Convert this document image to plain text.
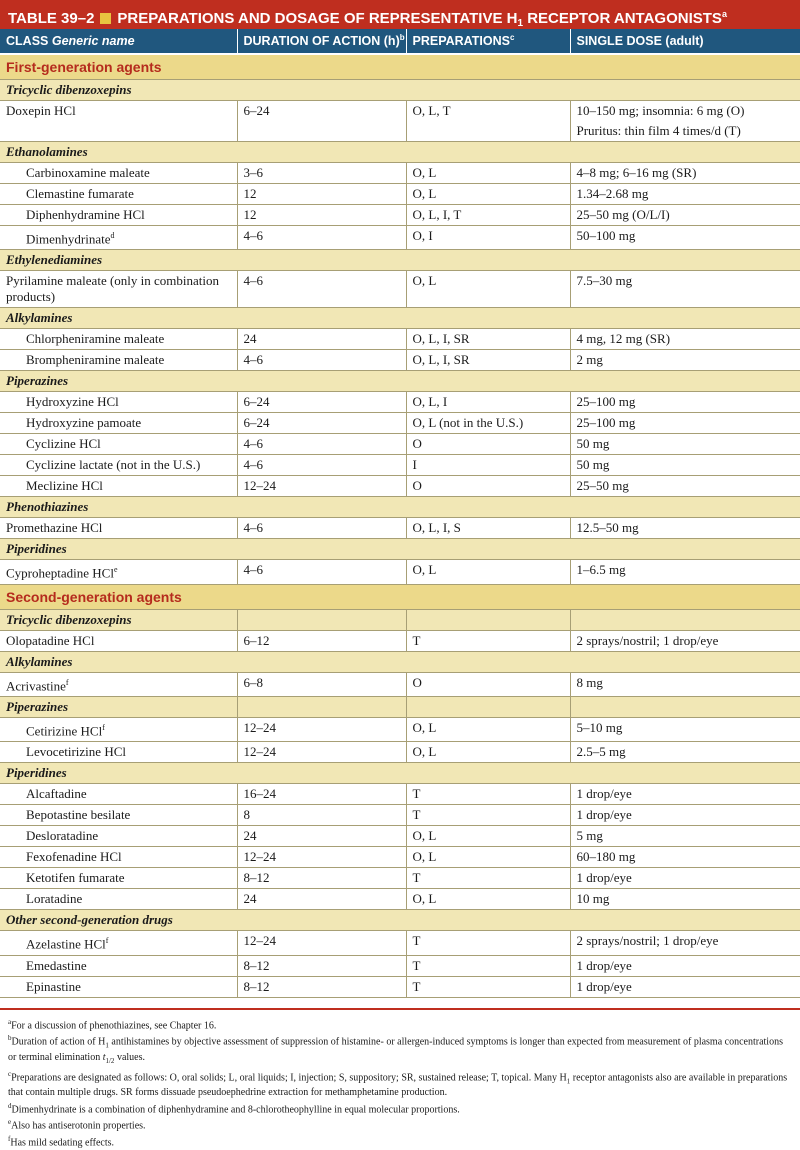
TABLE 39–2 PREPARATIONS AND DOSAGE OF REPRESENTATIVE $H_1$ RECEPTOR ANTAGONISTS$^a$
CLASS Generic name	DURATION OF ACTION $(h)^b$	PREPARATIONS$^c$	SINGLE DOSE (adult)
First-generation agents			
Tricyclic dibenzoxepins			
Doxepin HCl	6–24	O, L, T	10–150 mg; insomnia: 6 mg (O)
Pruritus: thin film 4 times/d (T)

Ethanolamines			
Carbinoxamine maleate	3–6	O, L	4–8 mg; 6–16 mg (SR)
Clemastine fumarate	12	O, L	1.34–2.68 mg
Diphenhydramine HCl	12	O, L, I, T	25–50 mg (O/L/I)
Dimenhydrinate$^d$	4–6	O, I	50–100 mg
Ethylenediamines			
Pyrilamine maleate (only in combination products)	4–6	O, L	7.5–30 mg
Alkylamines			
Chlorpheniramine maleate	24	O, L, I, SR	4 mg, 12 mg (SR)
Brompheniramine maleate	4–6	O, L, I, SR	2 mg
Piperazines			
Hydroxyzine HCl	6–24	O, L, I	25–100 mg
Hydroxyzine pamoate	6–24	O, L (not in the U.S.)	25–100 mg
Cyclizine HCl	4–6	O	50 mg
Cyclizine lactate (not in the U.S.)	4–6	I	50 mg
Meclizine HCl	12–24	O	25–50 mg
Phenothiazines			
Promethazine HCl	4–6	O, L, I, S	12.5–50 mg
Piperidines			
Cyproheptadine HCl$^e$	4–6	O, L	1–6.5 mg
Second-generation agents			
Tricyclic dibenzoxepins			
Olopatadine HCl	6–12	T	2 sprays/nostril; 1 drop/eye
Alkylamines			
Acrivastine$^f$	6–8	O	8 mg
Piperazines			
Cetirizine HCl$^f$	12–24	O, L	5–10 mg
Levocetirizine HCl	12–24	O, L	2.5–5 mg
Piperidines			
Alcaftadine	16–24	T	1 drop/eye
Bepotastine besilate	8	T	1 drop/eye
Desloratadine	24	O, L	5 mg
Fexofenadine HCl	12–24	O, L	60–180 mg
Ketotifen fumarate	8–12	T	1 drop/eye
Loratadine	24	O, L	10 mg
Other second-generation drugs			
Azelastine HCl$^f$	12–24	T	2 sprays/nostril; 1 drop/eye
Emedastine	8–12	T	1 drop/eye
Epinastine	8–12	T	1 drop/eye
$^a$For a discussion of phenothiazines, see Chapter 16.
$^b$Duration of action of $H_1$ antihistamines by objective assessment of suppression of histamine- or allergen-induced symptoms is longer than expected from measurement of plasma concentrations or terminal elimination $t_{1/2}$ values.
$^c$Preparations are designated as follows: O, oral solids; L, oral liquids; I, injection; S, suppository; SR, sustained release; T, topical. Many $H_1$ receptor antagonists also are available in preparations that contain multiple drugs. SR forms dissuade pseudoephedrine extraction for methamphetamine production.
$^d$Dimenhydrinate is a combination of diphenhydramine and 8-chlorotheophylline in equal molecular proportions.
$^e$Also has antiserotonin properties.
$^f$Has mild sedating effects.
